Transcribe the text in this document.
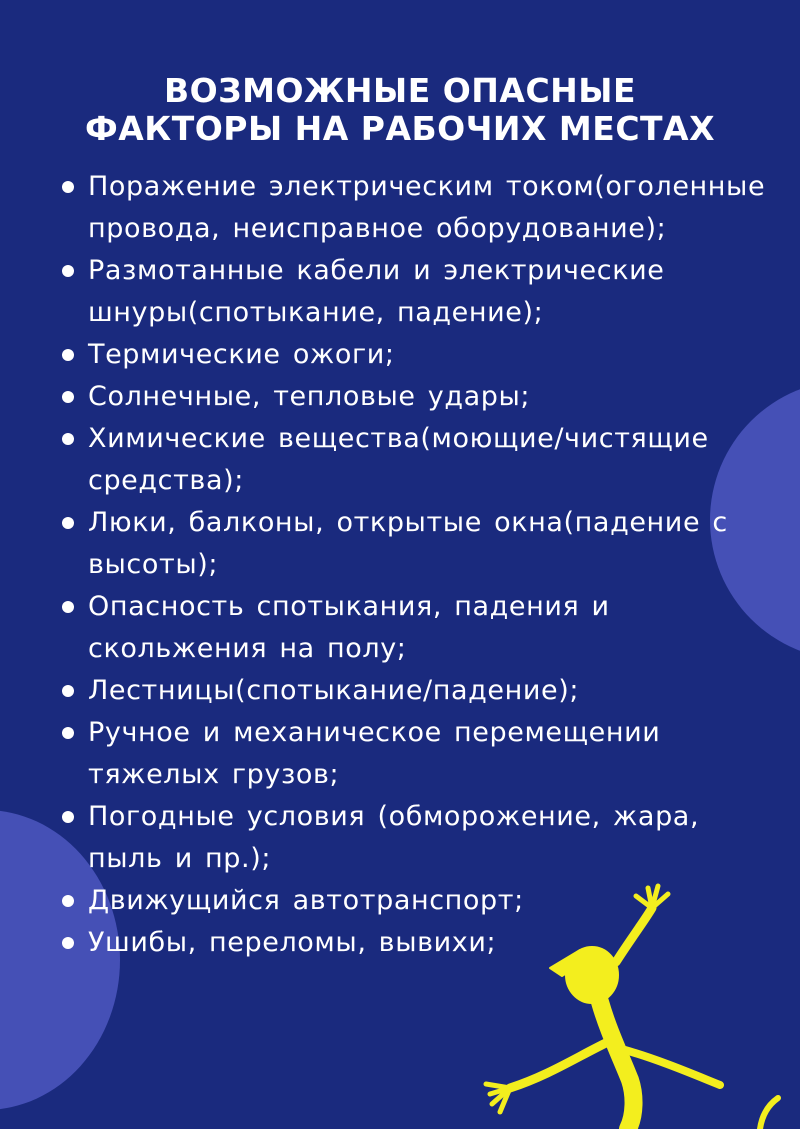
ВОЗМОЖНЫЕ ОПАСНЫЕ
ФАКТОРЫ НА РАБОЧИХ МЕСТАХ
Поражение электрическим током(оголенные провода, неисправное оборудование);
Размотанные кабели и электрические шнуры(спотыкание, падение);
Термические ожоги;
Солнечные, тепловые удары;
Химические вещества(моющие/чистящие средства);
Люки, балконы, открытые окна(падение с высоты);
Опасность спотыкания, падения и скольжения на полу;
Лестницы(спотыкание/падение);
Ручное и механическое перемещении тяжелых грузов;
Погодные условия (обморожение, жара, пыль и пр.);
Движущийся автотранспорт;
Ушибы, переломы, вывихи;
